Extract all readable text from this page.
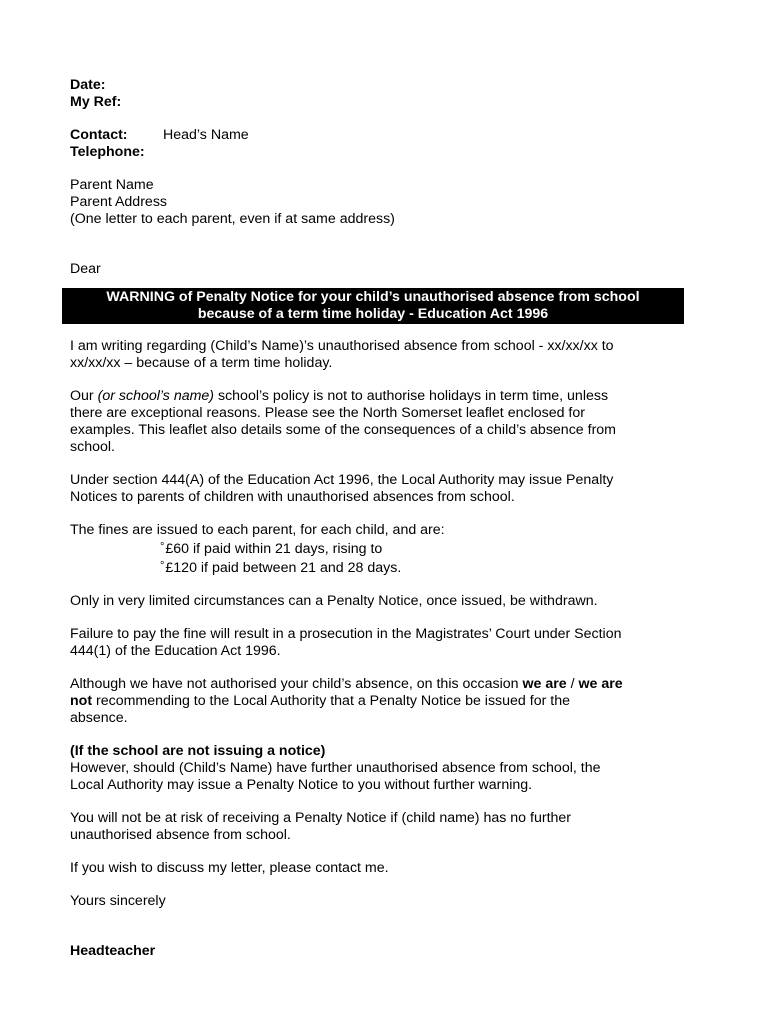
Date:
My Ref:
Contact: Head’s Name
Telephone:
Parent Name
Parent Address
(One letter to each parent, even if at same address)
Dear
WARNING of Penalty Notice for your child’s unauthorised absence from school
because of a term time holiday - Education Act 1996
I am writing regarding (Child’s Name)’s unauthorised absence from school - xx/xx/xx to
xx/xx/xx – because of a term time holiday.
Our (or school’s name) school’s policy is not to authorise holidays in term time, unless
there are exceptional reasons. Please see the North Somerset leaflet enclosed for
examples. This leaflet also details some of the consequences of a child’s absence from
school.
Under section 444(A) of the Education Act 1996, the Local Authority may issue Penalty
Notices to parents of children with unauthorised absences from school.
The fines are issued to each parent, for each child, and are:
°£60 if paid within 21 days, rising to
°£120 if paid between 21 and 28 days.
Only in very limited circumstances can a Penalty Notice, once issued, be withdrawn.
Failure to pay the fine will result in a prosecution in the Magistrates’ Court under Section
444(1) of the Education Act 1996.
Although we have not authorised your child’s absence, on this occasion we are / we are
not recommending to the Local Authority that a Penalty Notice be issued for the
absence.
(If the school are not issuing a notice)
However, should (Child’s Name) have further unauthorised absence from school, the
Local Authority may issue a Penalty Notice to you without further warning.
You will not be at risk of receiving a Penalty Notice if (child name) has no further
unauthorised absence from school.
If you wish to discuss my letter, please contact me.
Yours sincerely
Headteacher
